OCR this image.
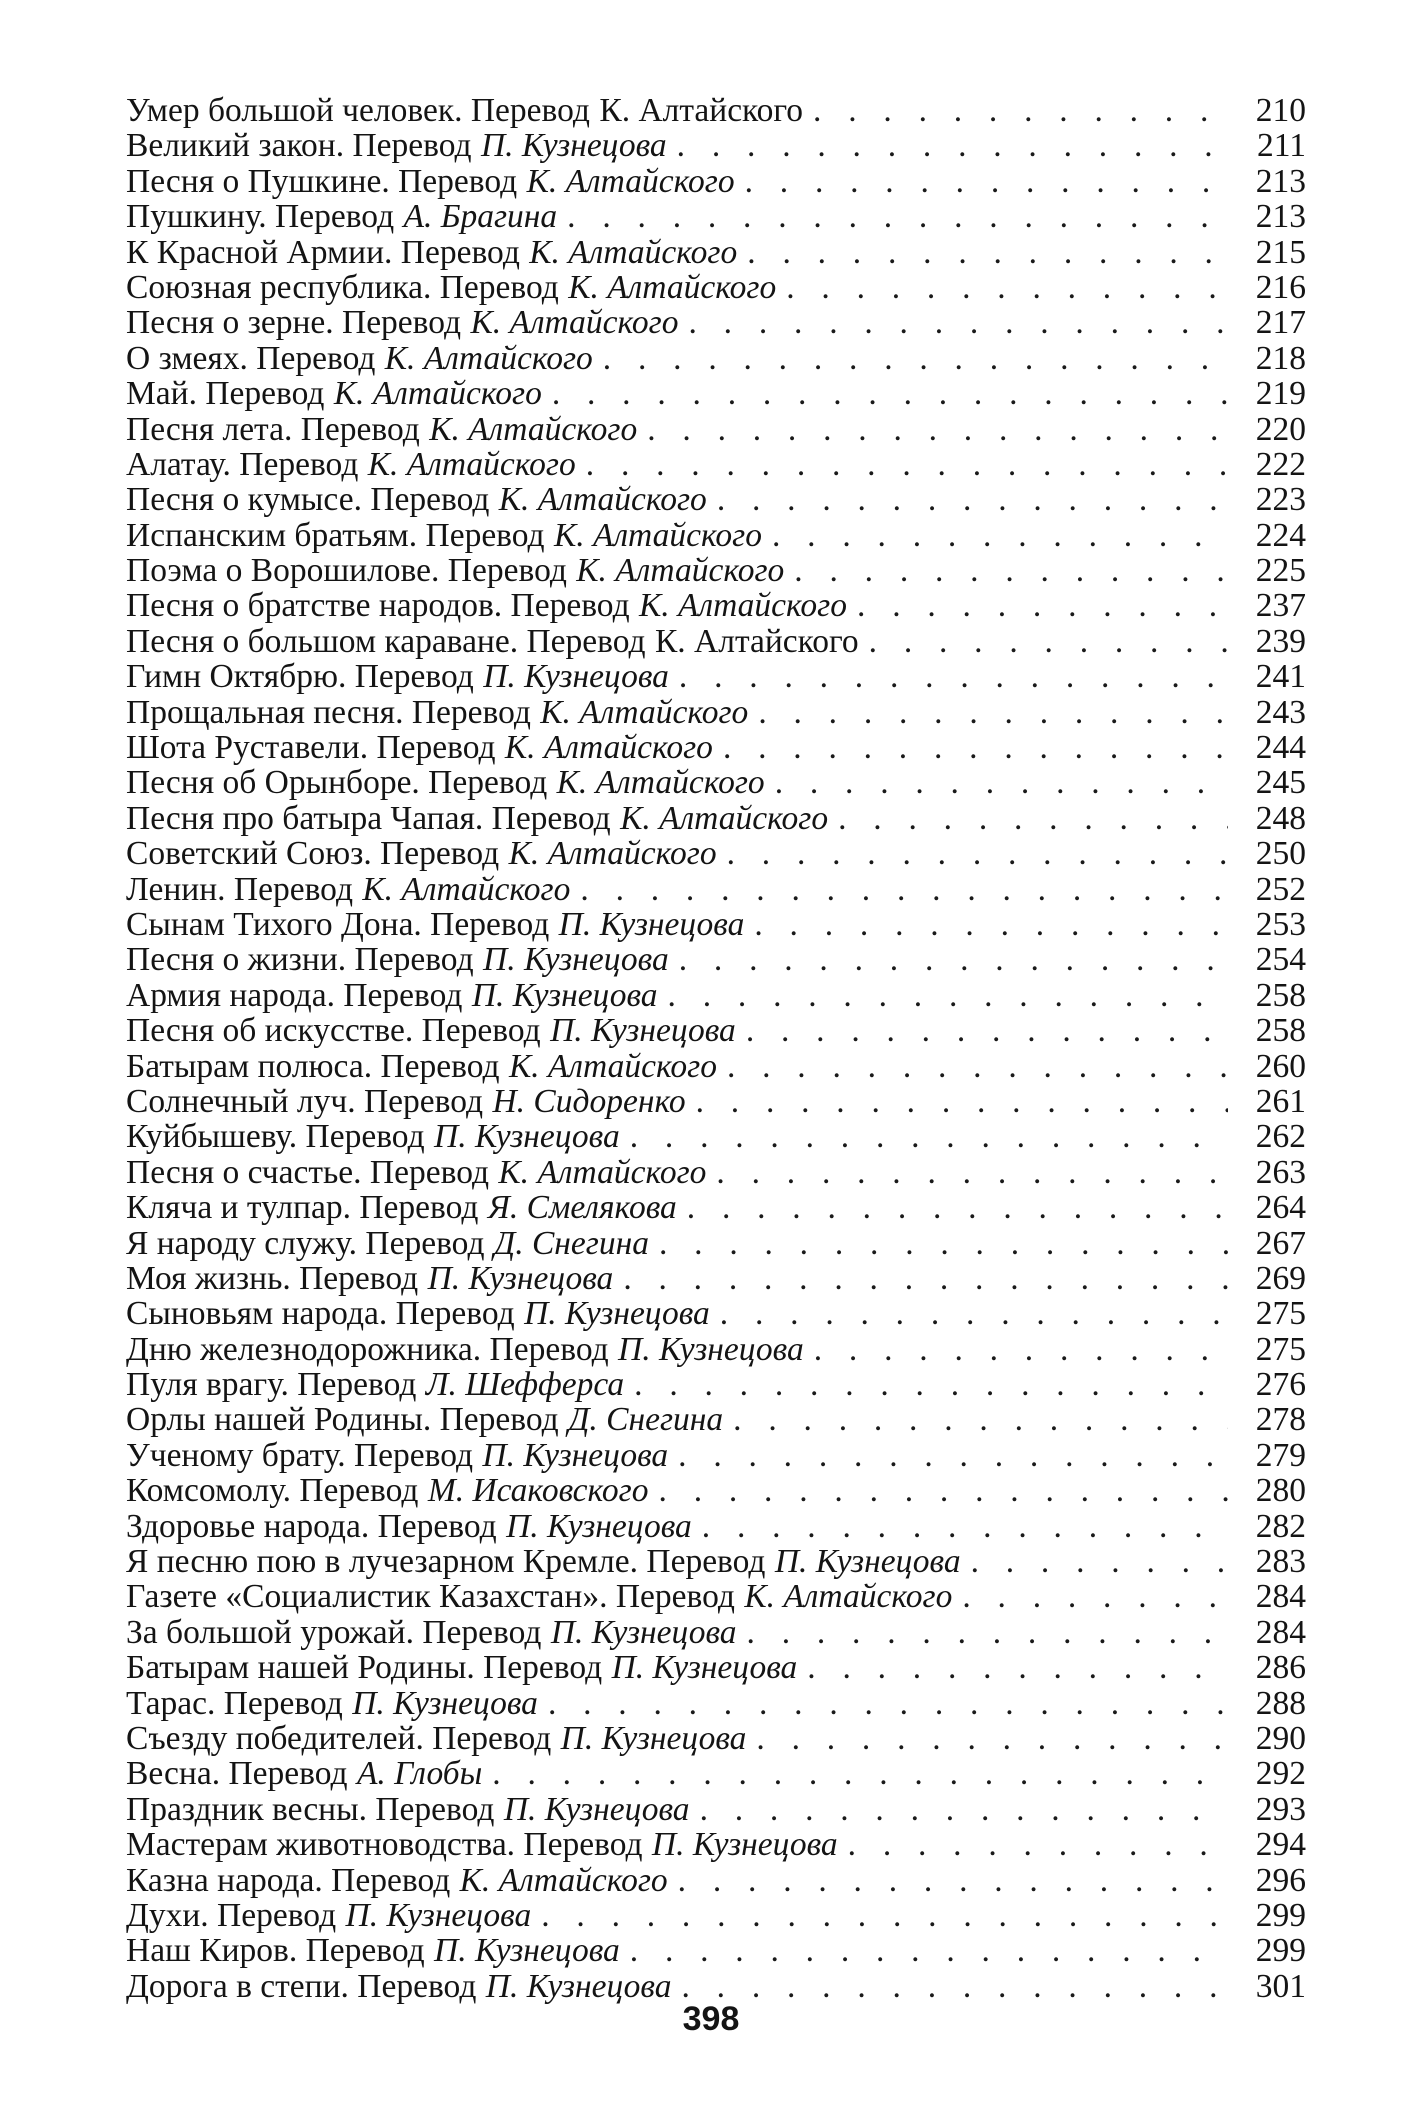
Умер большой человек. Перевод К. Алтайского . . .	210
Великий закон. Перевод П. Кузнецова . . .	211
Песня о Пушкине. Перевод К. Алтайского . . .	213
Пушкину. Перевод А. Брагина . . .	213
К Красной Армии. Перевод К. Алтайского . . .	215
Союзная республика. Перевод К. Алтайского . . .	216
Песня о зерне. Перевод К. Алтайского . . .	217
О змеях. Перевод К. Алтайского . . .	218
Май. Перевод К. Алтайского . . .	219
Песня лета. Перевод К. Алтайского . . .	220
Алатау. Перевод К. Алтайского . . .	222
Песня о кумысе. Перевод К. Алтайского . . .	223
Испанским братьям. Перевод К. Алтайского . . .	224
Поэма о Ворошилове. Перевод К. Алтайского . . .	225
Песня о братстве народов. Перевод К. Алтайского . . .	237
Песня о большом караване. Перевод К. Алтайского . . .	239
Гимн Октябрю. Перевод П. Кузнецова . . .	241
Прощальная песня. Перевод К. Алтайского . . .	243
Шота Руставели. Перевод К. Алтайского . . .	244
Песня об Орынборе. Перевод К. Алтайского . . .	245
Песня про батыра Чапая. Перевод К. Алтайского . . .	248
Советский Союз. Перевод К. Алтайского . . .	250
Ленин. Перевод К. Алтайского . . .	252
Сынам Тихого Дона. Перевод П. Кузнецова . . .	253
Песня о жизни. Перевод П. Кузнецова . . .	254
Армия народа. Перевод П. Кузнецова . . .	258
Песня об искусстве. Перевод П. Кузнецова . . .	258
Батырам полюса. Перевод К. Алтайского . . .	260
Солнечный луч. Перевод Н. Сидоренко . . .	261
Куйбышеву. Перевод П. Кузнецова . . .	262
Песня о счастье. Перевод К. Алтайского . . .	263
Кляча и тулпар. Перевод Я. Смелякова . . .	264
Я народу служу. Перевод Д. Снегина . . .	267
Моя жизнь. Перевод П. Кузнецова . . .	269
Сыновьям народа. Перевод П. Кузнецова . . .	275
Дню железнодорожника. Перевод П. Кузнецова . . .	275
Пуля врагу. Перевод Л. Шефферса . . .	276
Орлы нашей Родины. Перевод Д. Снегина . . .	278
Ученому брату. Перевод П. Кузнецова . . .	279
Комсомолу. Перевод М. Исаковского . . .	280
Здоровье народа. Перевод П. Кузнецова . . .	282
Я песню пою в лучезарном Кремле. Перевод П. Кузнецова . . .	283
Газете «Социалистик Казахстан». Перевод К. Алтайского . . .	284
За большой урожай. Перевод П. Кузнецова . . .	284
Батырам нашей Родины. Перевод П. Кузнецова . . .	286
Тарас. Перевод П. Кузнецова . . .	288
Съезду победителей. Перевод П. Кузнецова . . .	290
Весна. Перевод А. Глобы . . .	292
Праздник весны. Перевод П. Кузнецова . . .	293
Мастерам животноводства. Перевод П. Кузнецова . . .	294
Казна народа. Перевод К. Алтайского . . .	296
Духи. Перевод П. Кузнецова . . .	299
Наш Киров. Перевод П. Кузнецова . . .	299
Дорога в степи. Перевод П. Кузнецова . . .	301
398
